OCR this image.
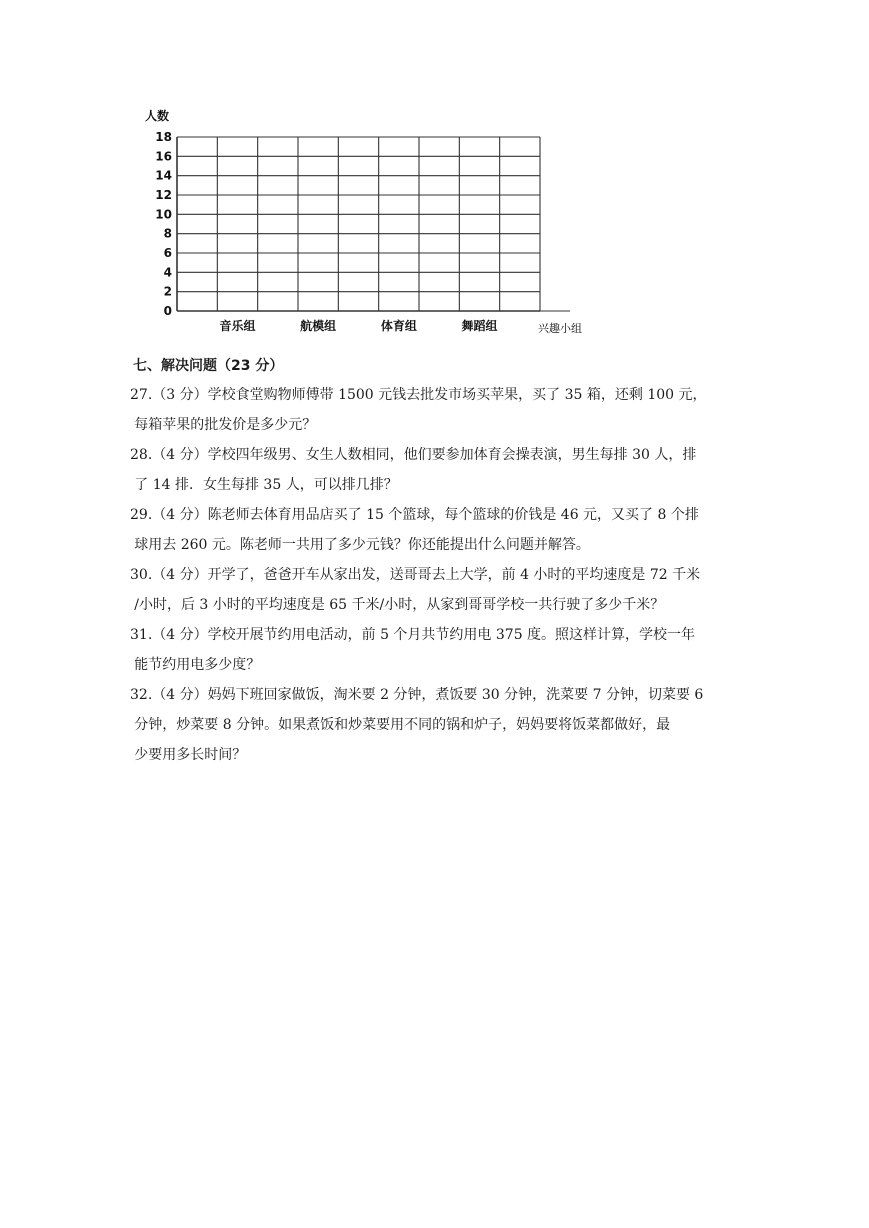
人数
0
2
4
6
8
10
12
14
16
18
音乐组	航模组	体育组	舞蹈组	兴趣小组
七、解决问题（23 分）
27. （3 分）学校食堂购物师傅带 1500 元钱去批发市场买苹果，买了 35 箱，还剩 100 元，
每箱苹果的批发价是多少元？
28. （4 分）学校四年级男、女生人数相同，他们要参加体育会操表演，男生每排 30 人，排
了 14 排．女生每排 35 人，可以排几排？
29. （4 分）陈老师去体育用品店买了 15 个篮球，每个篮球的价钱是 46 元，又买了 8 个排
球用去 260 元。陈老师一共用了多少元钱？你还能提出什么问题并解答。
30. （4 分）开学了，爸爸开车从家出发，送哥哥去上大学，前 4 小时的平均速度是 72 千米
/小时，后 3 小时的平均速度是 65 千米/小时，从家到哥哥学校一共行驶了多少千米？
31. （4 分）学校开展节约用电活动，前 5 个月共节约用电 375 度。照这样计算，学校一年
能节约用电多少度？
32. （4 分）妈妈下班回家做饭，淘米要 2 分钟，煮饭要 30 分钟，洗菜要 7 分钟，切菜要 6
分钟，炒菜要 8 分钟。如果煮饭和炒菜要用不同的锅和炉子，妈妈要将饭菜都做好，最
少要用多长时间？
